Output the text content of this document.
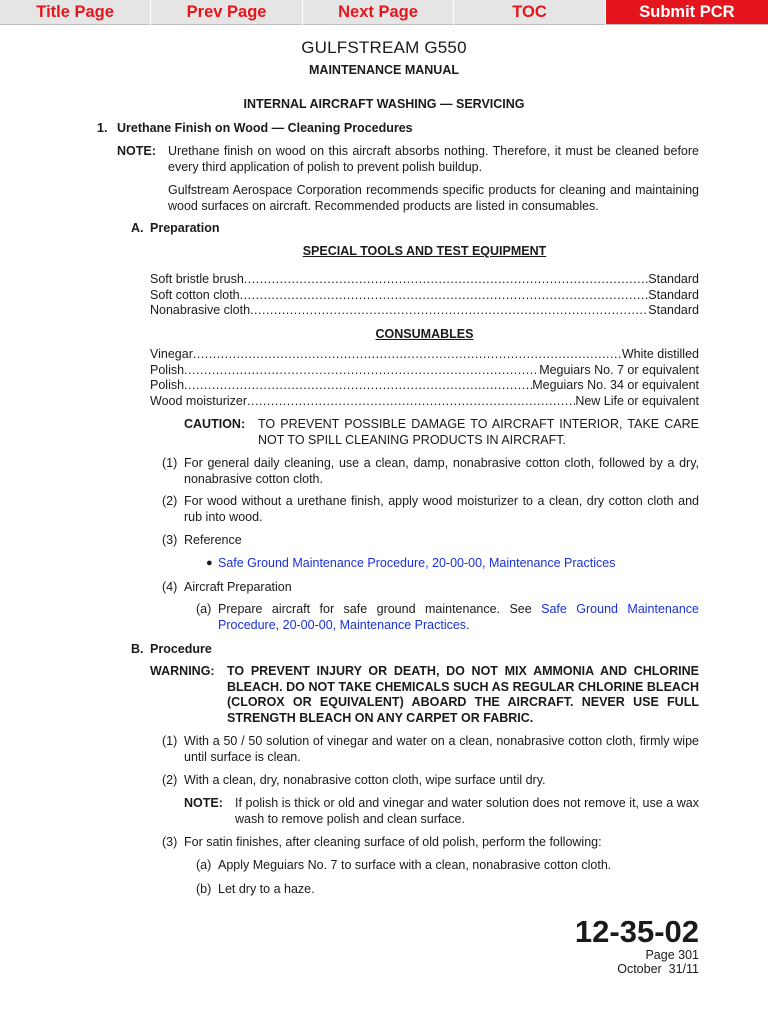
Title Page	Prev Page	Next Page	TOC	Submit PCR
GULFSTREAM G550
MAINTENANCE MANUAL
INTERNAL AIRCRAFT WASHING — SERVICING
1. Urethane Finish on Wood — Cleaning Procedures
NOTE: Urethane finish on wood on this aircraft absorbs nothing. Therefore, it must be cleaned before every third application of polish to prevent polish buildup.
Gulfstream Aerospace Corporation recommends specific products for cleaning and maintaining wood surfaces on aircraft. Recommended products are listed in consumables.
A. Preparation
SPECIAL TOOLS AND TEST EQUIPMENT
Soft bristle brush .....	Standard
Soft cotton cloth .....	Standard
Nonabrasive cloth .....	Standard
CONSUMABLES
Vinegar .....	White distilled
Polish .....	Meguiars No. 7 or equivalent
Polish .....	Meguiars No. 34 or equivalent
Wood moisturizer .....	New Life or equivalent
CAUTION: TO PREVENT POSSIBLE DAMAGE TO AIRCRAFT INTERIOR, TAKE CARE NOT TO SPILL CLEANING PRODUCTS IN AIRCRAFT.
(1) For general daily cleaning, use a clean, damp, nonabrasive cotton cloth, followed by a dry, nonabrasive cotton cloth.
(2) For wood without a urethane finish, apply wood moisturizer to a clean, dry cotton cloth and rub into wood.
(3) Reference
● Safe Ground Maintenance Procedure, 20-00-00, Maintenance Practices
(4) Aircraft Preparation
(a) Prepare aircraft for safe ground maintenance. See Safe Ground Maintenance Procedure, 20-00-00, Maintenance Practices.
B. Procedure
WARNING: TO PREVENT INJURY OR DEATH, DO NOT MIX AMMONIA AND CHLORINE BLEACH. DO NOT TAKE CHEMICALS SUCH AS REGULAR CHLORINE BLEACH (CLOROX OR EQUIVALENT) ABOARD THE AIRCRAFT. NEVER USE FULL STRENGTH BLEACH ON ANY CARPET OR FABRIC.
(1) With a 50 / 50 solution of vinegar and water on a clean, nonabrasive cotton cloth, firmly wipe until surface is clean.
(2) With a clean, dry, nonabrasive cotton cloth, wipe surface until dry.
NOTE: If polish is thick or old and vinegar and water solution does not remove it, use a wax wash to remove polish and clean surface.
(3) For satin finishes, after cleaning surface of old polish, perform the following:
(a) Apply Meguiars No. 7 to surface with a clean, nonabrasive cotton cloth.
(b) Let dry to a haze.
12-35-02
Page 301
October  31/11
